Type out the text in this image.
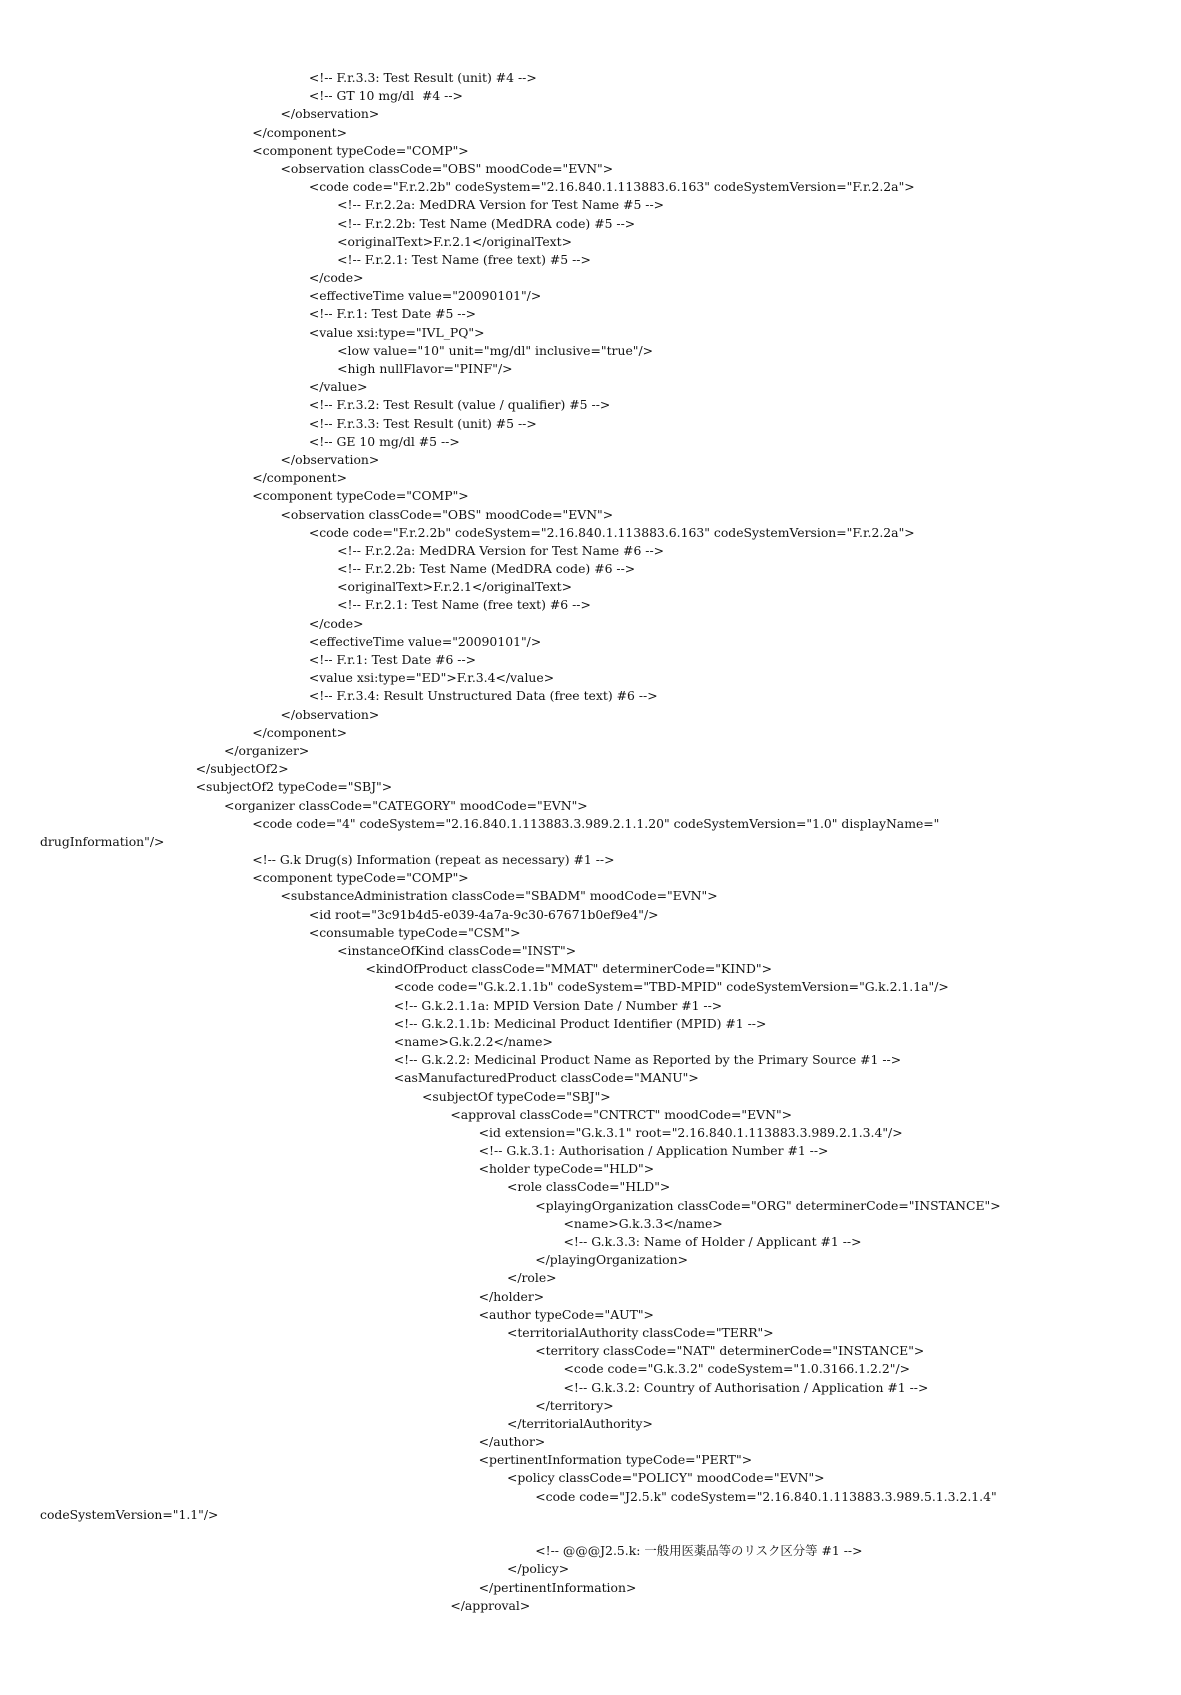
<!-- F.r.3.3: Test Result (unit) #4 -->
<!-- GT 10 mg/dl  #4 -->
</observation>
</component>
<component typeCode="COMP">
<observation classCode="OBS" moodCode="EVN">
<code code="F.r.2.2b" codeSystem="2.16.840.1.113883.6.163" codeSystemVersion="F.r.2.2a">
<!-- F.r.2.2a: MedDRA Version for Test Name #5 -->
<!-- F.r.2.2b: Test Name (MedDRA code) #5 -->
<originalText>F.r.2.1</originalText>
<!-- F.r.2.1: Test Name (free text) #5 -->
</code>
<effectiveTime value="20090101"/>
<!-- F.r.1: Test Date #5 -->
<value xsi:type="IVL_PQ">
<low value="10" unit="mg/dl" inclusive="true"/>
<high nullFlavor="PINF"/>
</value>
<!-- F.r.3.2: Test Result (value / qualifier) #5 -->
<!-- F.r.3.3: Test Result (unit) #5 -->
<!-- GE 10 mg/dl #5 -->
</observation>
</component>
<component typeCode="COMP">
<observation classCode="OBS" moodCode="EVN">
<code code="F.r.2.2b" codeSystem="2.16.840.1.113883.6.163" codeSystemVersion="F.r.2.2a">
<!-- F.r.2.2a: MedDRA Version for Test Name #6 -->
<!-- F.r.2.2b: Test Name (MedDRA code) #6 -->
<originalText>F.r.2.1</originalText>
<!-- F.r.2.1: Test Name (free text) #6 -->
</code>
<effectiveTime value="20090101"/>
<!-- F.r.1: Test Date #6 -->
<value xsi:type="ED">F.r.3.4</value>
<!-- F.r.3.4: Result Unstructured Data (free text) #6 -->
</observation>
</component>
</organizer>
</subjectOf2>
<subjectOf2 typeCode="SBJ">
<organizer classCode="CATEGORY" moodCode="EVN">
<code code="4" codeSystem="2.16.840.1.113883.3.989.2.1.1.20" codeSystemVersion="1.0" displayName="
drugInformation"/>
<!-- G.k Drug(s) Information (repeat as necessary) #1 -->
<component typeCode="COMP">
<substanceAdministration classCode="SBADM" moodCode="EVN">
<id root="3c91b4d5-e039-4a7a-9c30-67671b0ef9e4"/>
<consumable typeCode="CSM">
<instanceOfKind classCode="INST">
<kindOfProduct classCode="MMAT" determinerCode="KIND">
<code code="G.k.2.1.1b" codeSystem="TBD-MPID" codeSystemVersion="G.k.2.1.1a"/>
<!-- G.k.2.1.1a: MPID Version Date / Number #1 -->
<!-- G.k.2.1.1b: Medicinal Product Identifier (MPID) #1 -->
<name>G.k.2.2</name>
<!-- G.k.2.2: Medicinal Product Name as Reported by the Primary Source #1 -->
<asManufacturedProduct classCode="MANU">
<subjectOf typeCode="SBJ">
<approval classCode="CNTRCT" moodCode="EVN">
<id extension="G.k.3.1" root="2.16.840.1.113883.3.989.2.1.3.4"/>
<!-- G.k.3.1: Authorisation / Application Number #1 -->
<holder typeCode="HLD">
<role classCode="HLD">
<playingOrganization classCode="ORG" determinerCode="INSTANCE">
<name>G.k.3.3</name>
<!-- G.k.3.3: Name of Holder / Applicant #1 -->
</playingOrganization>
</role>
</holder>
<author typeCode="AUT">
<territorialAuthority classCode="TERR">
<territory classCode="NAT" determinerCode="INSTANCE">
<code code="G.k.3.2" codeSystem="1.0.3166.1.2.2"/>
<!-- G.k.3.2: Country of Authorisation / Application #1 -->
</territory>
</territorialAuthority>
</author>
<pertinentInformation typeCode="PERT">
<policy classCode="POLICY" moodCode="EVN">
<code code="J2.5.k" codeSystem="2.16.840.1.113883.3.989.5.1.3.2.1.4"
codeSystemVersion="1.1"/>
<!-- @@@J2.5.k: 一般用医薬品等のリスク区分等 #1 -->
</policy>
</pertinentInformation>
</approval>
